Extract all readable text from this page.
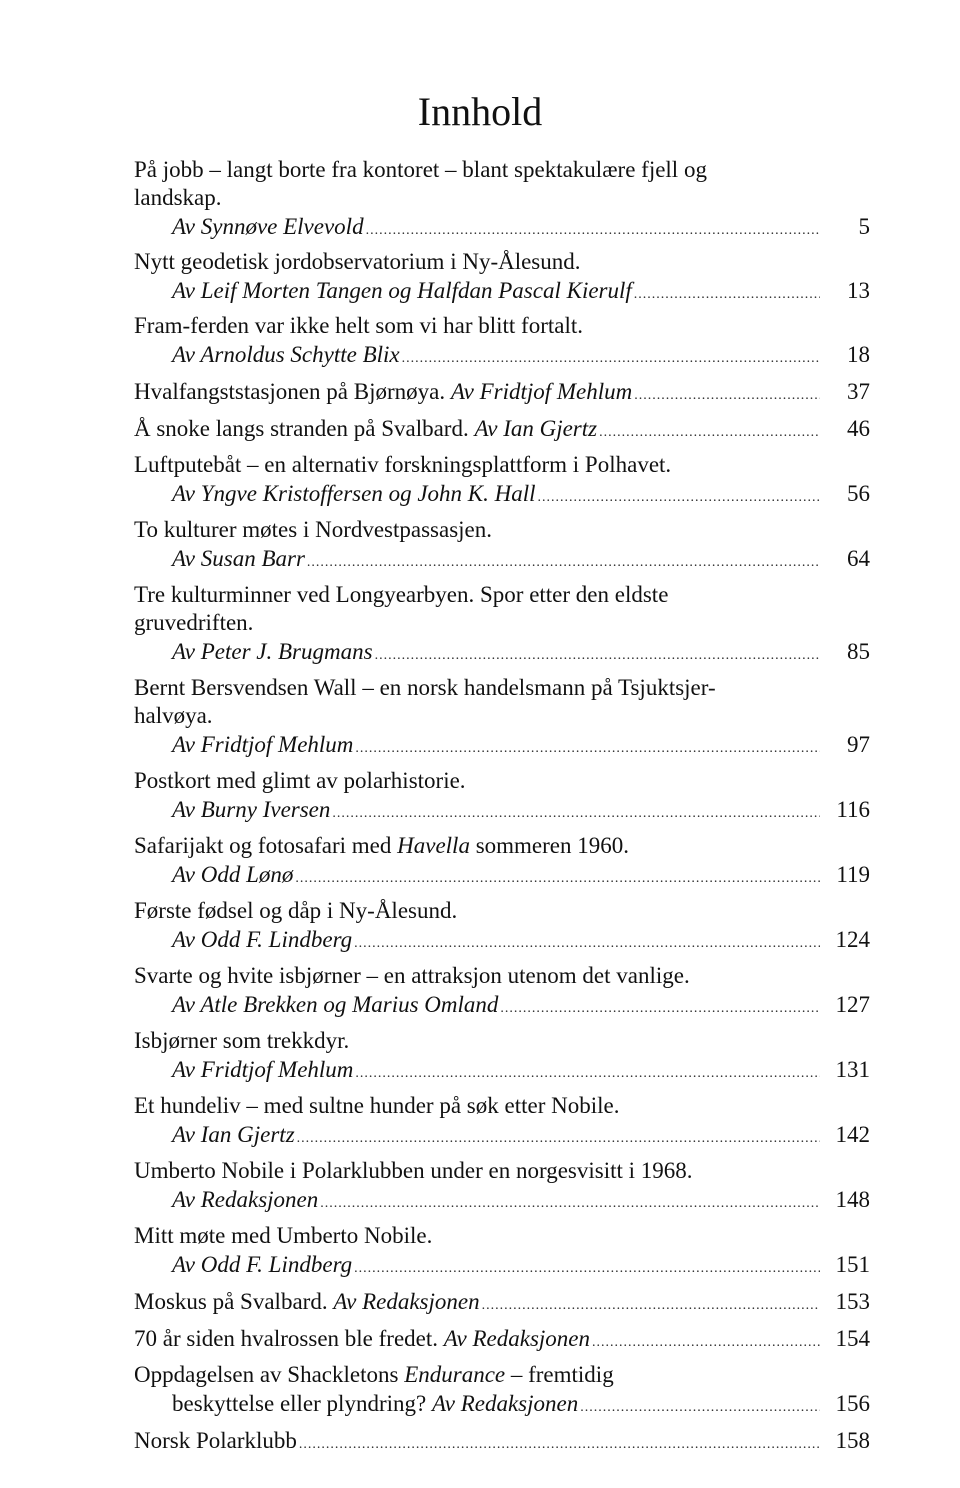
Innhold
På jobb – langt borte fra kontoret – blant spektakulære fjell og
landskap.
Av Synnøve Elvevold .....	5
Nytt geodetisk jordobservatorium i Ny-Ålesund.
Av Leif Morten Tangen og Halfdan Pascal Kierulf .....	13
Fram-ferden var ikke helt som vi har blitt fortalt.
Av Arnoldus Schytte Blix .....	18
Hvalfangststasjonen på Bjørnøya.
Av Fridtjof Mehlum .....	37
Å snoke langs stranden på Svalbard.
Av Ian Gjertz .....	46
Luftputebåt – en alternativ forskningsplattform i Polhavet.
Av Yngve Kristoffersen og John K. Hall .....	56
To kulturer møtes i Nordvestpassasjen.
Av Susan Barr .....	64
Tre kulturminner ved Longyearbyen. Spor etter den eldste
gruvedriften.
Av Peter J. Brugmans .....	85
Bernt Bersvendsen Wall – en norsk handelsmann på Tsjuktsjer-
halvøya.
Av Fridtjof Mehlum .....	97
Postkort med glimt av polarhistorie.
Av Burny Iversen .....	116
Safarijakt og fotosafari med Havella sommeren 1960.
Av Odd Lønø .....	119
Første fødsel og dåp i Ny-Ålesund.
Av Odd F. Lindberg .....	124
Svarte og hvite isbjørner – en attraksjon utenom det vanlige.
Av Atle Brekken og Marius Omland .....	127
Isbjørner som trekkdyr.
Av Fridtjof Mehlum .....	131
Et hundeliv – med sultne hunder på søk etter Nobile.
Av Ian Gjertz .....	142
Umberto Nobile i Polarklubben under en norgesvisitt i 1968.
Av Redaksjonen .....	148
Mitt møte med Umberto Nobile.
Av Odd F. Lindberg .....	151
Moskus på Svalbard.
Av Redaksjonen .....	153
70 år siden hvalrossen ble fredet.
Av Redaksjonen .....	154
Oppdagelsen av Shackletons Endurance – fremtidig
beskyttelse eller plyndring?
Av Redaksjonen .....	156
Norsk Polarklubb .....	158
